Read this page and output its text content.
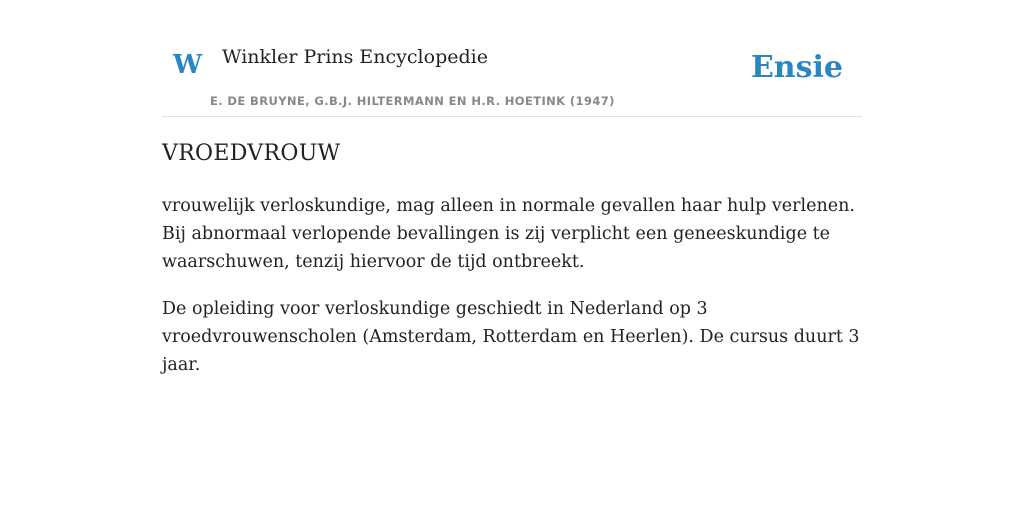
W Winkler Prins Encyclopedie
E. DE BRUYNE, G.B.J. HILTERMANN EN H.R. HOETINK (1947)
Ensie
VROEDVROUW

vrouwelijk verloskundige, mag alleen in normale gevallen haar hulp verlenen. Bij abnormaal verlopende bevallingen is zij verplicht een geneeskundige te waarschuwen, tenzij hiervoor de tijd ontbreekt.

De opleiding voor verloskundige geschiedt in Nederland op 3 vroedvrouwenscholen (Amsterdam, Rotterdam en Heerlen). De cursus duurt 3 jaar.
